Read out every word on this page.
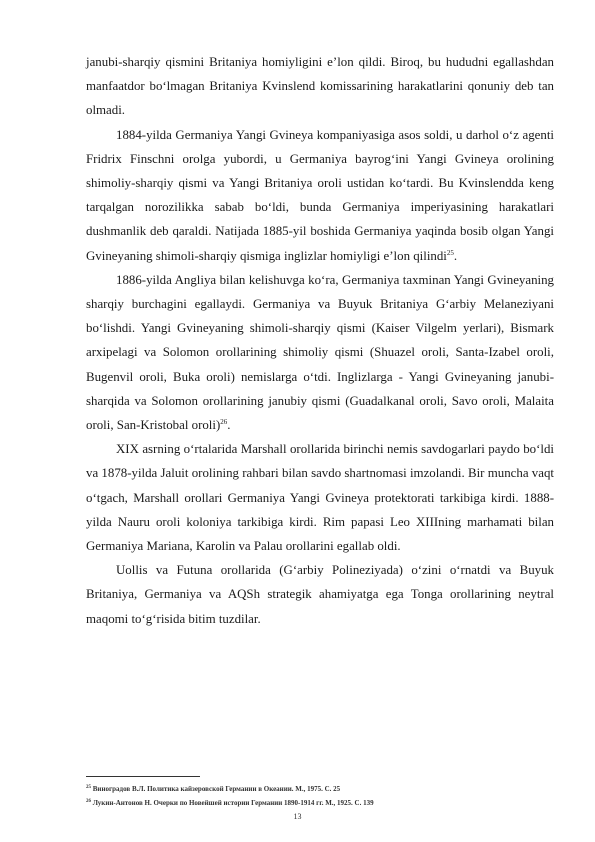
janubi-sharqiy qismini Britaniya homiyligini e’lon qildi. Biroq, bu hududni egallashdan manfaatdor bo‘lmagan Britaniya Kvinslend komissarining harakatlarini qonuniy deb tan olmadi.

1884-yilda Germaniya Yangi Gvineya kompaniyasiga asos soldi, u darhol o‘z agenti Fridrix Finschni orolga yubordi, u Germaniya bayrog‘ini Yangi Gvineya orolining shimoliy-sharqiy qismi va Yangi Britaniya oroli ustidan ko‘tardi. Bu Kvinslendda keng tarqalgan norozilikka sabab bo‘ldi, bunda Germaniya imperiyasining harakatlari dushmanlik deb qaraldi. Natijada 1885-yil boshida Germaniya yaqinda bosib olgan Yangi Gvineyaning shimoli-sharqiy qismiga inglizlar homiyligi e’lon qilindi$^{25}$.

1886-yilda Angliya bilan kelishuvga ko‘ra, Germaniya taxminan Yangi Gvineyaning sharqiy burchagini egallaydi. Germaniya va Buyuk Britaniya G‘arbiy Melaneziyani bo‘lishdi. Yangi Gvineyaning shimoli-sharqiy qismi (Kaiser Vilgelm yerlari), Bismark arxipelagi va Solomon orollarining shimoliy qismi (Shuazel oroli, Santa-Izabel oroli, Bugenvil oroli, Buka oroli) nemislarga o‘tdi. Inglizlarga - Yangi Gvineyaning janubi-sharqida va Solomon orollarining janubiy qismi (Guadalkanal oroli, Savo oroli, Malaita oroli, San-Kristobal oroli)$^{26}$.

XIX asrning o‘rtalarida Marshall orollarida birinchi nemis savdogarlari paydo bo‘ldi va 1878-yilda Jaluit orolining rahbari bilan savdo shartnomasi imzolandi. Bir muncha vaqt o‘tgach, Marshall orollari Germaniya Yangi Gvineya protektorati tarkibiga kirdi. 1888-yilda Nauru oroli koloniya tarkibiga kirdi. Rim papasi Leo XIIIning marhamati bilan Germaniya Mariana, Karolin va Palau orollarini egallab oldi.

Uollis va Futuna orollarida (G‘arbiy Polineziyada) o‘zini o‘rnatdi va Buyuk Britaniya, Germaniya va AQSh strategik ahamiyatga ega Tonga orollarining neytral maqomi to‘g‘risida bitim tuzdilar.

$^{25}$ Виноградов В.Л. Политика кайзеровской Германии в Океании. М., 1975. С. 25
$^{26}$ Лукин-Антонов Н. Очерки по Новейшей истории Германии 1890-1914 гг. М., 1925. С. 139
13
